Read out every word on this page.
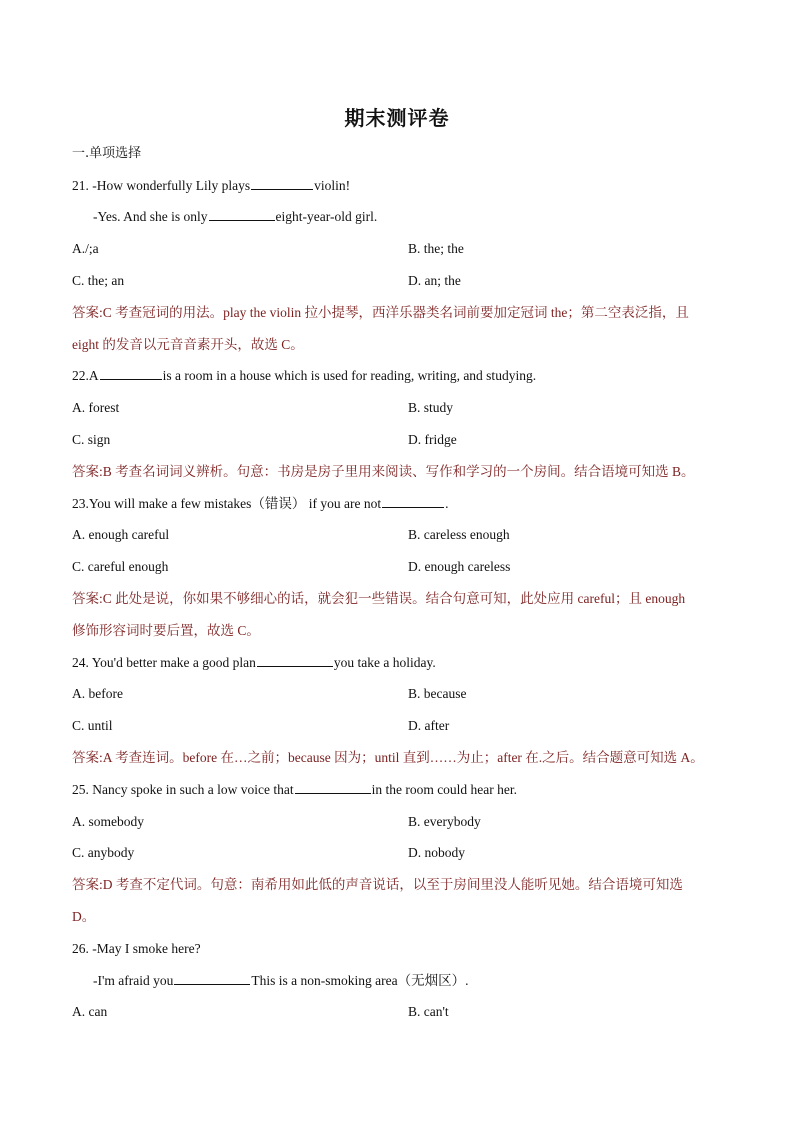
期末测评卷
一.单项选择
21. -How wonderfully Lily plays	violin!
-Yes. And she is only	eight-year-old girl.
A./;a	B. the; the
C. the; an	D. an; the
答案:C 考查冠词的用法。play the violin 拉小提琴，西洋乐器类名词前要加定冠词 the；第二空表泛指，且
eight 的发音以元音音素开头，故选 C。
22.A	is a room in a house which is used for reading, writing, and studying.
A. forest	B. study
C. sign	D. fridge
答案:B 考查名词词义辨析。句意：书房是房子里用来阅读、写作和学习的一个房间。结合语境可知选 B。
23.You will make a few mistakes（错误） if you are not	.
A. enough careful	B. careless enough
C. careful enough	D. enough careless
答案:C 此处是说，你如果不够细心的话，就会犯一些错误。结合句意可知，此处应用 careful；且 enough
修饰形容词时要后置，故选 C。
24. You'd better make a good plan	you take a holiday.
A. before	B. because
C. until	D. after
答案:A 考查连词。before 在…之前；because 因为；until 直到……为止；after 在.之后。结合题意可知选 A。
25. Nancy spoke in such a low voice that	in the room could hear her.
A. somebody	B. everybody
C. anybody	D. nobody
答案:D 考查不定代词。句意：南希用如此低的声音说话，以至于房间里没人能听见她。结合语境可知选
D。
26. -May I smoke here?
-I'm afraid you	This is a non-smoking area（无烟区）.
A. can	B. can't
